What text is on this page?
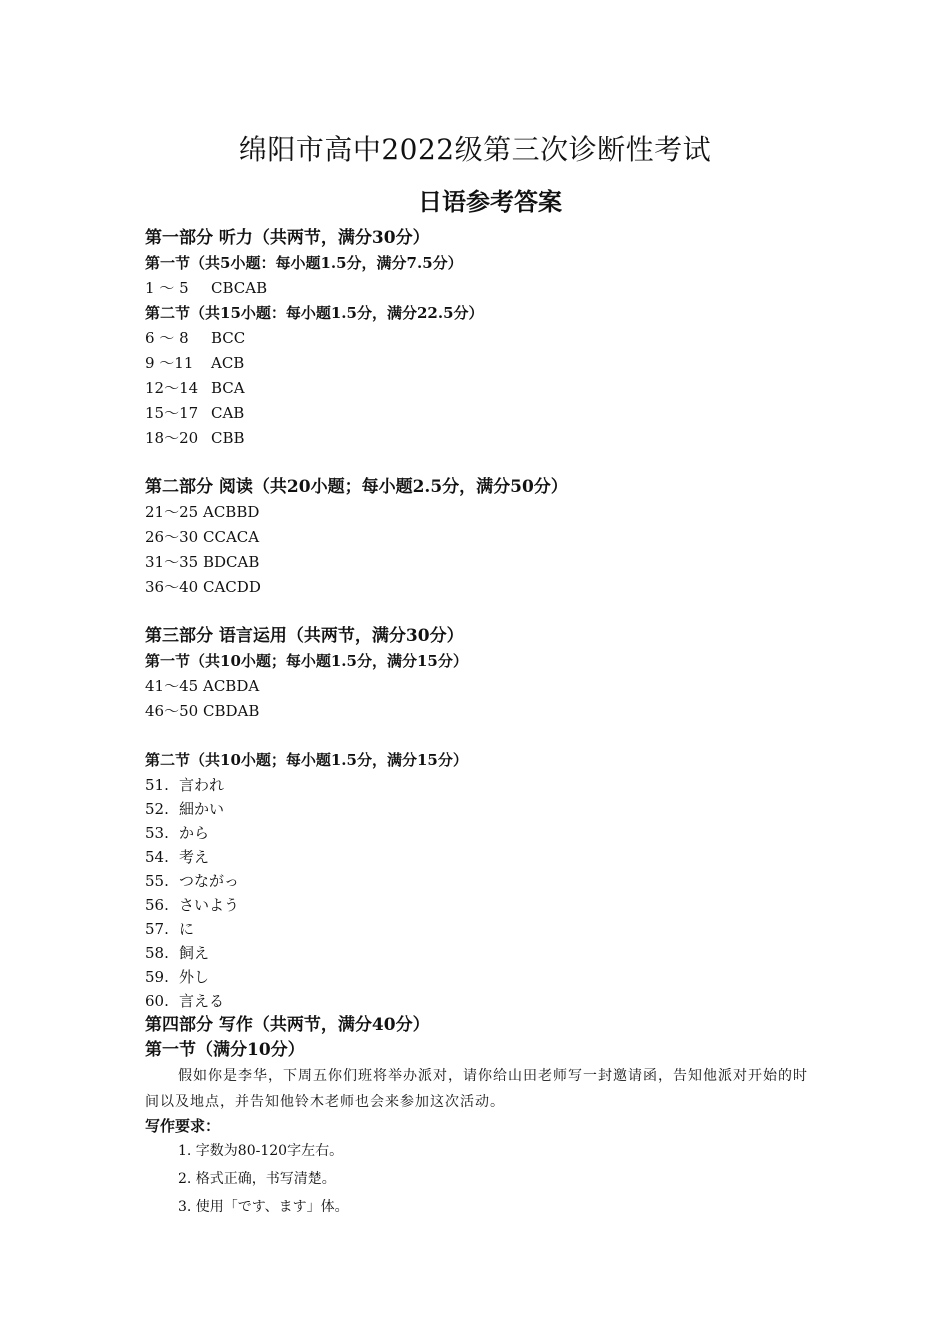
绵阳市高中2022级第三次诊断性考试
日语参考答案
第一部分 听力（共两节，满分30分）
第一节（共5小题：每小题1.5分，满分7.5分）
1 ～ 5	CBCAB
第二节（共15小题：每小题1.5分，满分22.5分）
6 ～ 8	BCC
9 ～11	ACB
12～14 BCA
15～17 CAB
18～20 CBB
第二部分 阅读（共20小题；每小题2.5分，满分50分）
21～25 ACBBD
26～30 CCACA
31～35 BDCAB
36～40 CACDD
第三部分 语言运用（共两节，满分30分）
第一节（共10小题；每小题1.5分，满分15分）
41～45 ACBDA
46～50 CBDAB
第二节（共10小题；每小题1.5分，满分15分）
51. 言われ
52. 細かい
53. から
54. 考え
55. つながっ
56. さいよう
57. に
58. 飼え
59. 外し
60. 言える
第四部分 写作（共两节，满分40分）
第一节（满分10分）

假如你是李华，下周五你们班将举办派对，请你给山田老师写一封邀请函，告知他派对开始的时间以及地点，并告知他铃木老师也会来参加这次活动。

写作要求：
1. 字数为80-120字左右。
2. 格式正确，书写清楚。
3. 使用「です、ます」体。
